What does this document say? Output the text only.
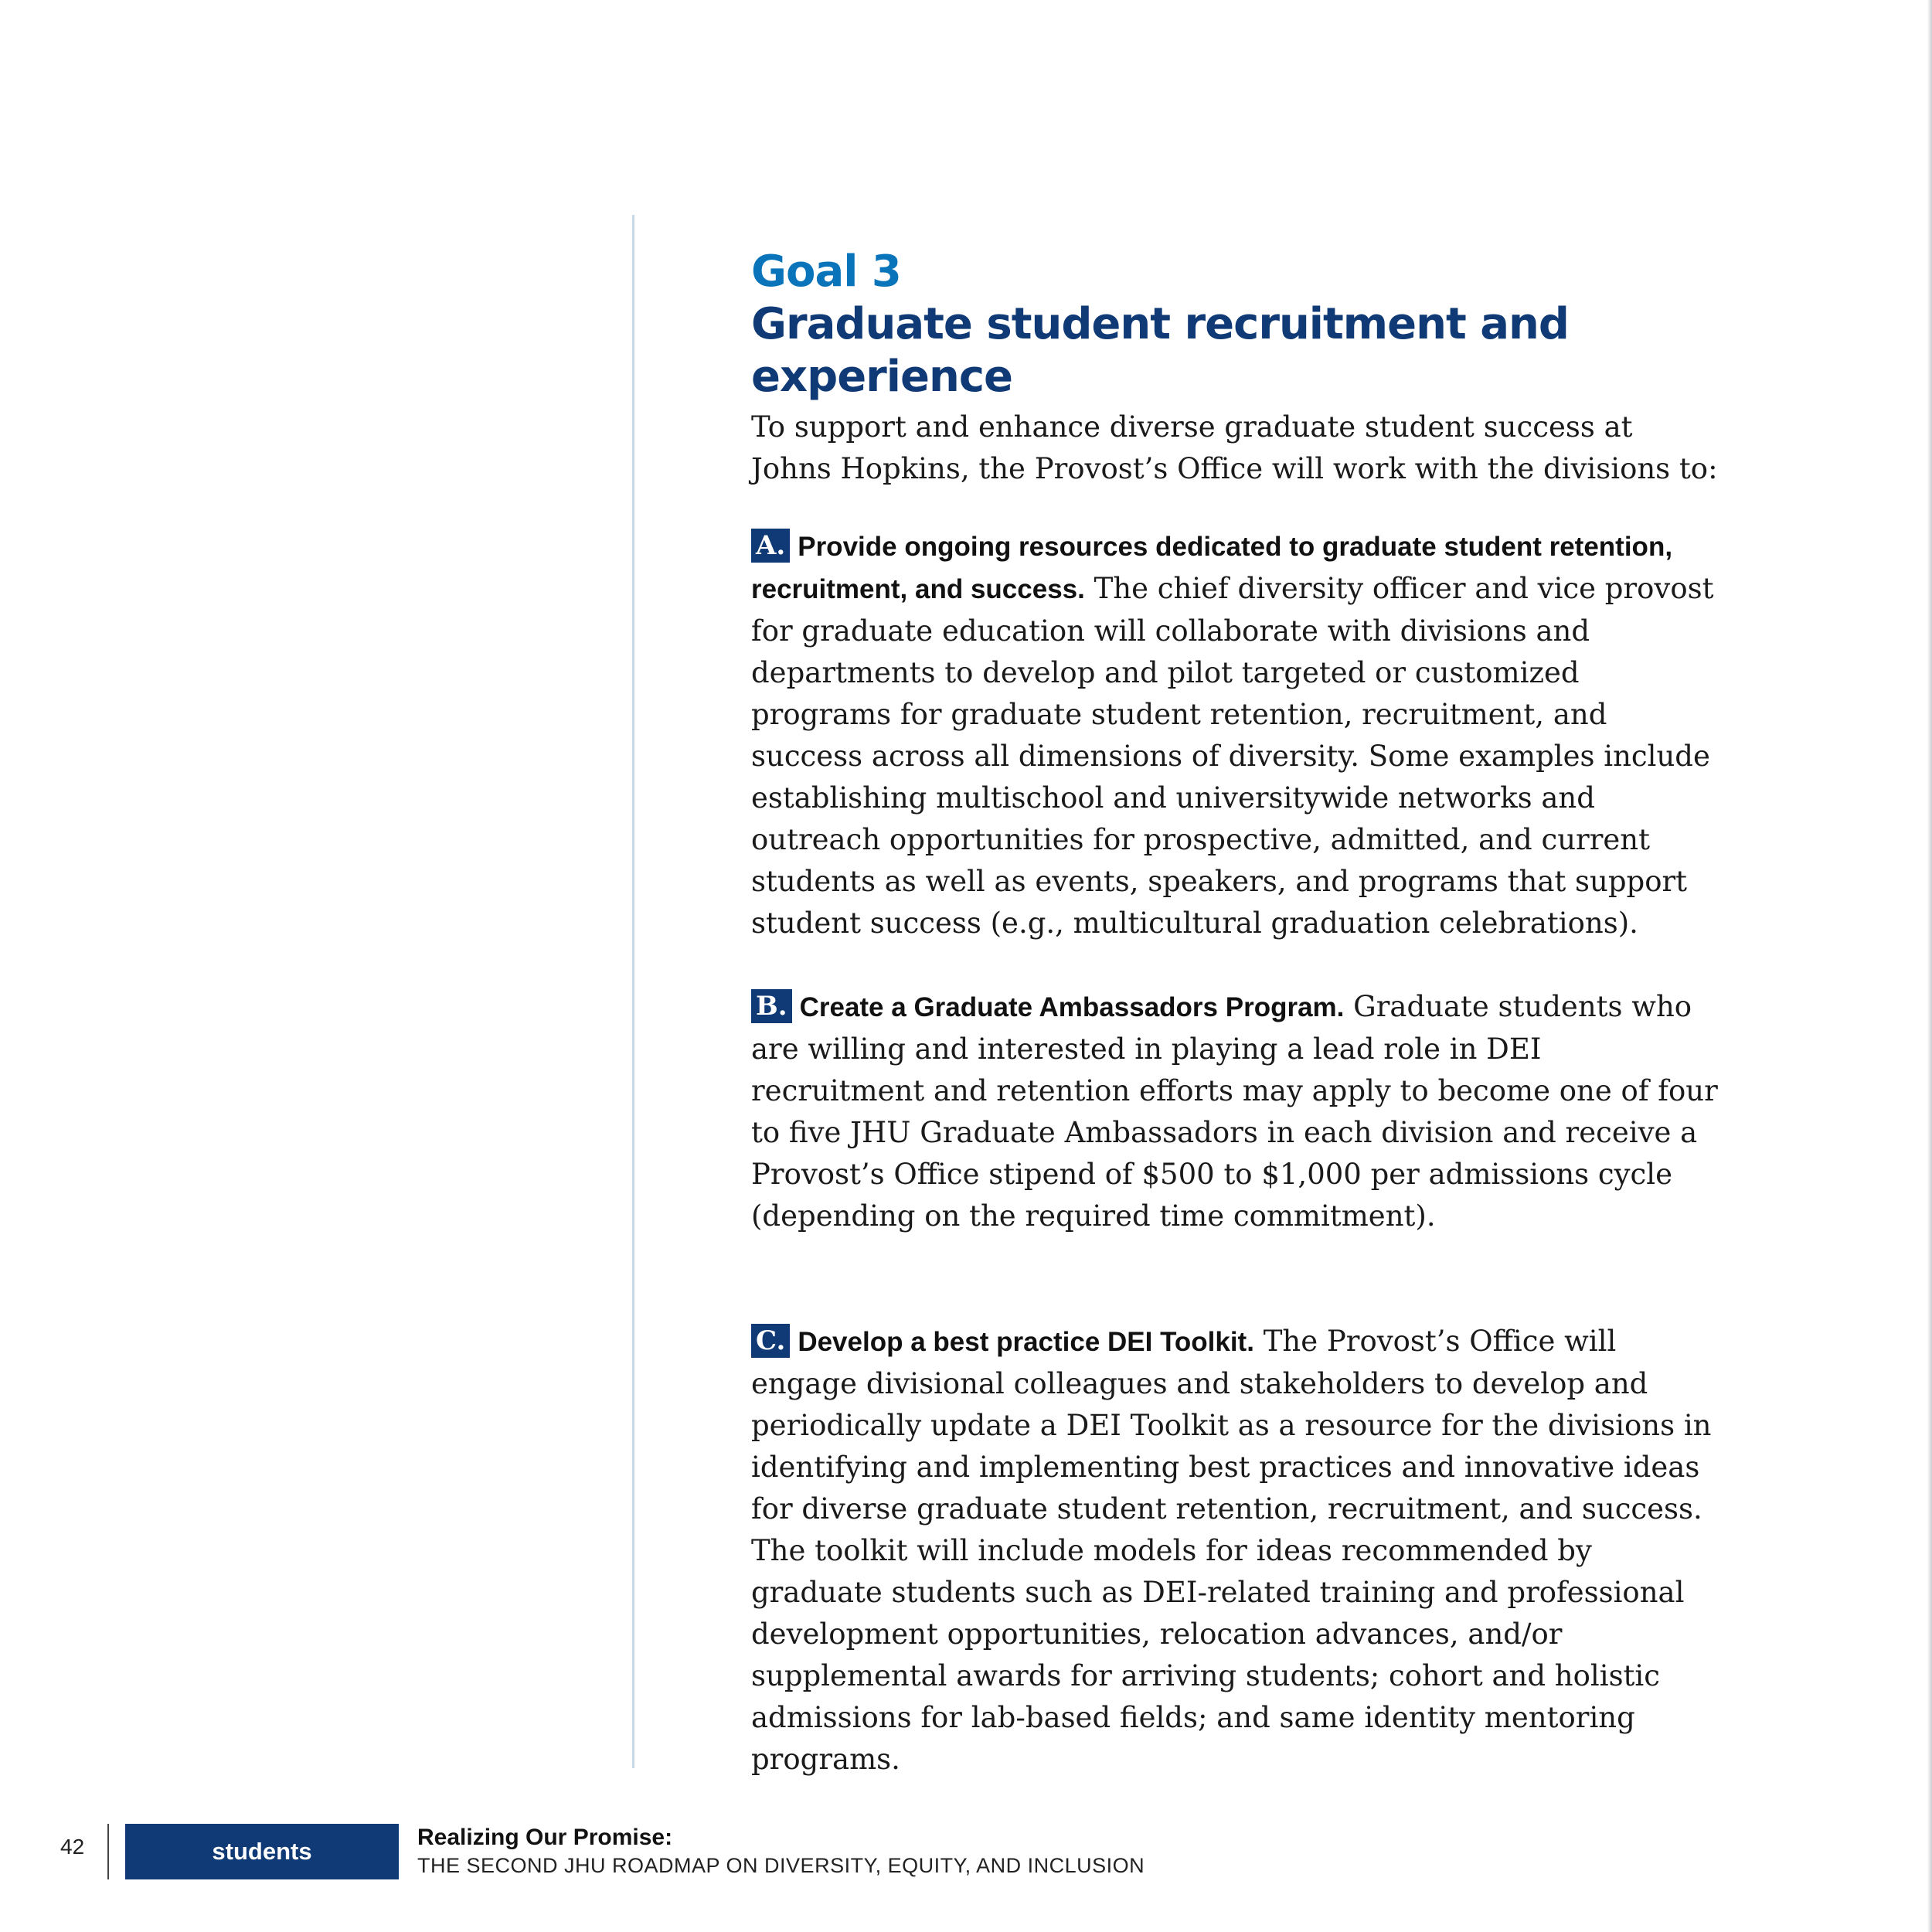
Goal 3
Graduate student recruitment and experience

To support and enhance diverse graduate student success at Johns Hopkins, the Provost’s Office will work with the divisions to:

A. Provide ongoing resources dedicated to graduate student retention, recruitment, and success. The chief diversity officer and vice provost for graduate education will collaborate with divisions and departments to develop and pilot targeted or customized programs for graduate student retention, recruitment, and success across all dimensions of diversity. Some examples include establishing multischool and universitywide networks and outreach opportunities for prospective, admitted, and current students as well as events, speakers, and programs that support student success (e.g., multicultural graduation celebrations).

B. Create a Graduate Ambassadors Program. Graduate students who are willing and interested in playing a lead role in DEI recruitment and retention efforts may apply to become one of four to five JHU Graduate Ambassadors in each division and receive a Provost’s Office stipend of $500 to $1,000 per admissions cycle (depending on the required time commitment).

C. Develop a best practice DEI Toolkit. The Provost’s Office will engage divisional colleagues and stakeholders to develop and periodically update a DEI Toolkit as a resource for the divisions in identifying and implementing best practices and innovative ideas for diverse graduate student retention, recruitment, and success. The toolkit will include models for ideas recommended by graduate students such as DEI-related training and professional development opportunities, relocation advances, and/or supplemental awards for arriving students; cohort and holistic admissions for lab-based fields; and same identity mentoring programs.

42	students
Realizing Our Promise:
THE SECOND JHU ROADMAP ON DIVERSITY, EQUITY, AND INCLUSION
